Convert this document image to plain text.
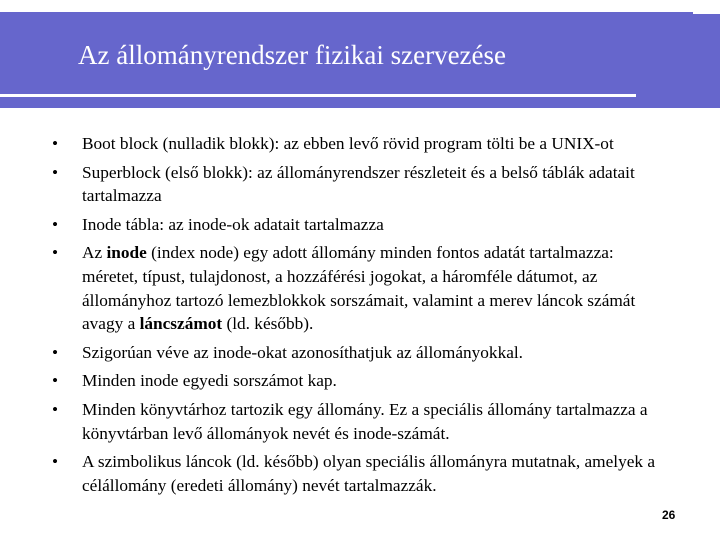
Az állományrendszer fizikai szervezése
• Boot block (nulladik blokk): az ebben levő rövid program tölti be a UNIX-ot
• Superblock (első blokk): az állományrendszer részleteit és a belső táblák adatait tartalmazza
• Inode tábla: az inode-ok adatait tartalmazza
• Az inode (index node) egy adott állomány minden fontos adatát tartalmazza: méretet, típust, tulajdonost, a hozzáférési jogokat, a háromféle dátumot, az állományhoz tartozó lemezblokkok sorszámait, valamint a merev láncok számát avagy a láncszámot (ld. később).
• Szigorúan véve az inode-okat azonosíthatjuk az állományokkal.
• Minden inode egyedi sorszámot kap.
• Minden könyvtárhoz tartozik egy állomány. Ez a speciális állomány tartalmazza a könyvtárban levő állományok nevét és inode-számát.
• A szimbolikus láncok (ld. később) olyan speciális állományra mutatnak, amelyek a célállomány (eredeti állomány) nevét tartalmazzák.
26
